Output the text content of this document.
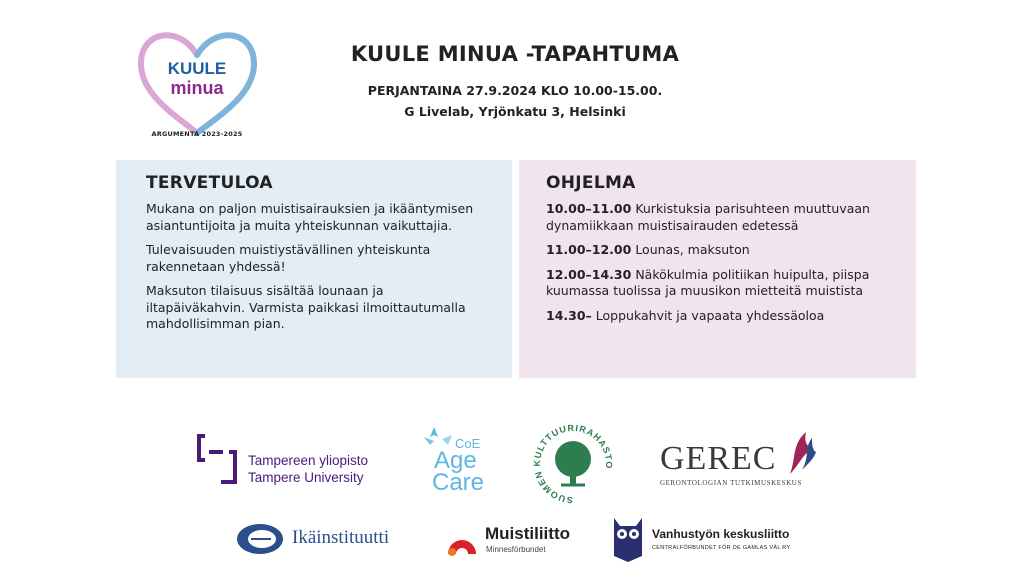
KUULE
minua
ARGUMENTA 2023-2025
KUULE MINUA -TAPAHTUMA
PERJANTAINA 27.9.2024 KLO 10.00-15.00.
G Livelab, Yrjönkatu 3, Helsinki
TERVETULOA

Mukana on paljon muistisairauksien ja ikääntymisen asiantuntijoita ja muita yhteiskunnan vaikuttajia.

Tulevaisuuden muistiystävällinen yhteiskunta rakennetaan yhdessä!

Maksuton tilaisuus sisältää lounaan ja iltapäiväkahvin. Varmista paikkasi ilmoittautumalla mahdollisimman pian.

OHJELMA

10.00–11.00 Kurkistuksia parisuhteen muuttuvaan dynamiikkaan muistisairauden edetessä

11.00–12.00 Lounas, maksuton

12.00–14.30 Näkökulmia politiikan huipulta, piispa kuumassa tuolissa ja muusikon mietteitä muistista

14.30– Loppukahvit ja vapaata yhdessäoloa

Tampereen yliopisto
Tampere University
CoE
Age
Care
SUOMEN KULTTUURIRAHASTO GEREC
GERONTOLOGIAN TUTKIMUSKESKUS
Ikäinstituutti	Muistiliitto
Minnesförbundet
Vanhustyön keskusliitto
CENTRALFÖRBUNDET FÖR DE GAMLAS VÄL RY
